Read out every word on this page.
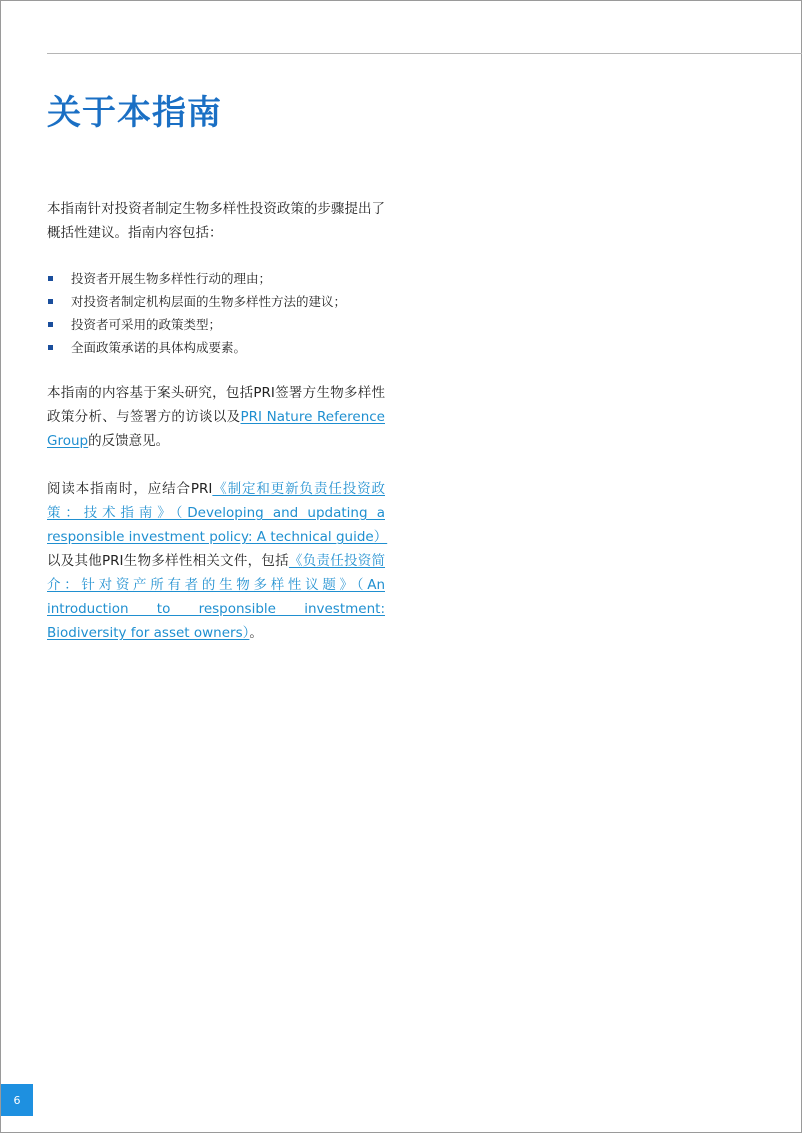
关于本指南

本指南针对投资者制定生物多样性投资政策的步骤提出了概括性建议。指南内容包括：

投资者开展生物多样性行动的理由；
对投资者制定机构层面的生物多样性方法的建议；
投资者可采用的政策类型；
全面政策承诺的具体构成要素。

本指南的内容基于案头研究，包括PRI签署方生物多样性政策分析、与签署方的访谈以及PRI Nature Reference Group的反馈意见。

阅读本指南时，应结合PRI《制定和更新负责任投资政策：技术指南》（Developing and updating a responsible investment policy: A technical guide）以及其他PRI生物多样性相关文件，包括《负责任投资简介：针对资产所有者的生物多样性议题》（An introduction to responsible investment: Biodiversity for asset owners）。

6
